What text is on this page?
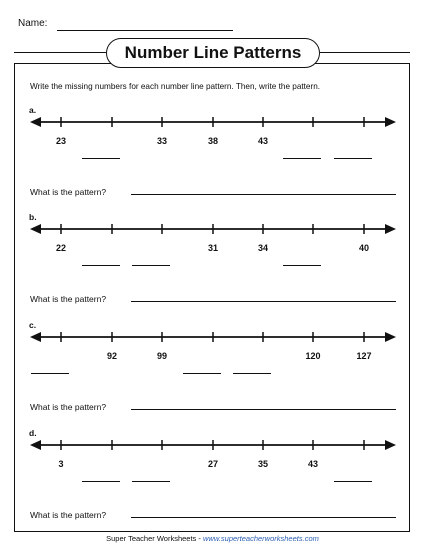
Name:
Number Line Patterns
Write the missing numbers for each number line pattern. Then, write the pattern.
a.
23	33	38	43
What is the pattern?
b.
22	31	34	40
What is the pattern?
c.
92	99	120	127
What is the pattern?
d.
3	27	35	43
What is the pattern?
Super Teacher Worksheets - www.superteacherworksheets.com
